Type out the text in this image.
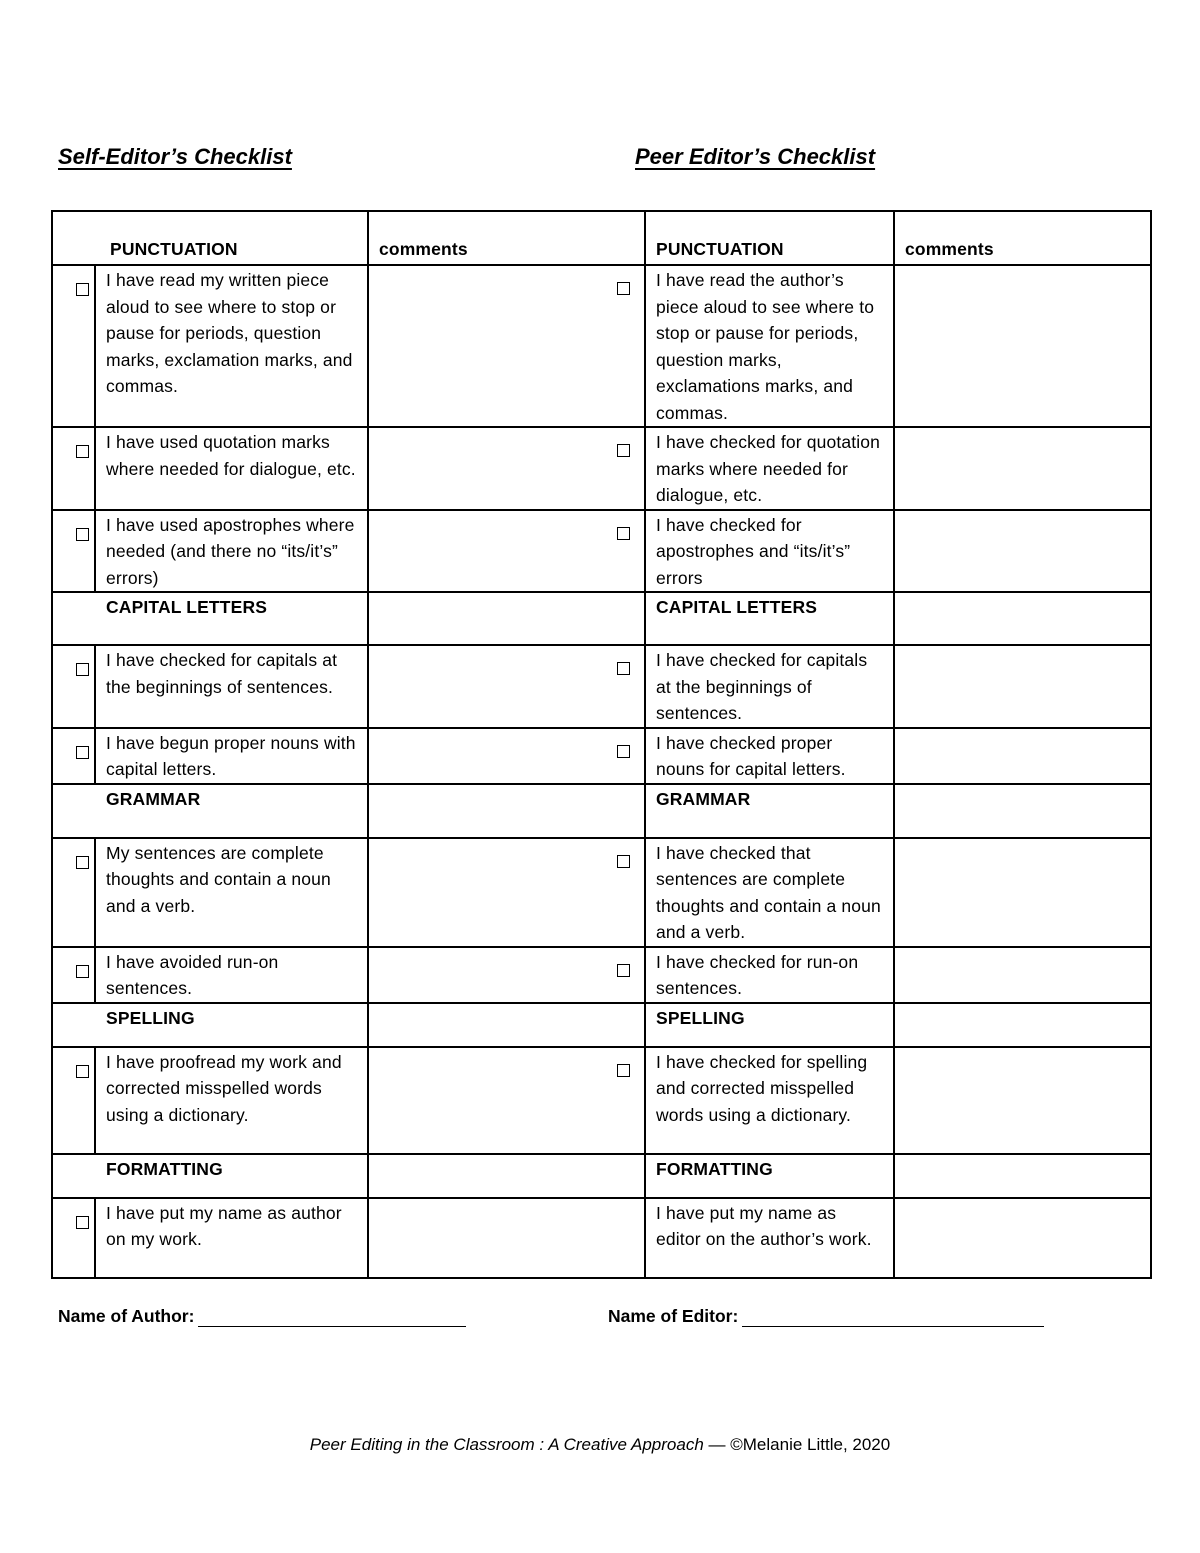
Self-Editor’s Checklist	Peer Editor’s Checklist
PUNCTUATION		comments	PUNCTUATION	comments

	I have read my written piece aloud to see where to stop or pause for periods, question marks, exclamation marks, and commas.		I have read the author’s piece aloud to see where to stop or pause for periods, question marks, exclamations marks, and commas.	

	I have used quotation marks where needed for dialogue, etc.		I have checked for quotation marks where needed for dialogue, etc.	

	I have used apostrophes where needed (and there no “its/it’s” errors)		I have checked for apostrophes and “its/it’s” errors	
CAPITAL LETTERS			CAPITAL LETTERS	

	I have checked for capitals at the beginnings of sentences.		I have checked for capitals at the beginnings of sentences.	

	I have begun proper nouns with capital letters.		I have checked proper nouns for capital letters.	
GRAMMAR			GRAMMAR	

	My sentences are complete thoughts and contain a noun and a verb.		I have checked that sentences are complete thoughts and contain a noun and a verb.	

	I have avoided run-on sentences.		I have checked for run-on sentences.	
SPELLING			SPELLING	

	I have proofread my work and corrected misspelled words using a dictionary.		I have checked for spelling and corrected misspelled words using a dictionary.	
FORMATTING			FORMATTING	

	I have put my name as author on my work.		I have put my name as editor on the author’s work.	
Name of Author:	Name of Editor:
Peer Editing in the Classroom : A Creative Approach — ©Melanie Little, 2020
